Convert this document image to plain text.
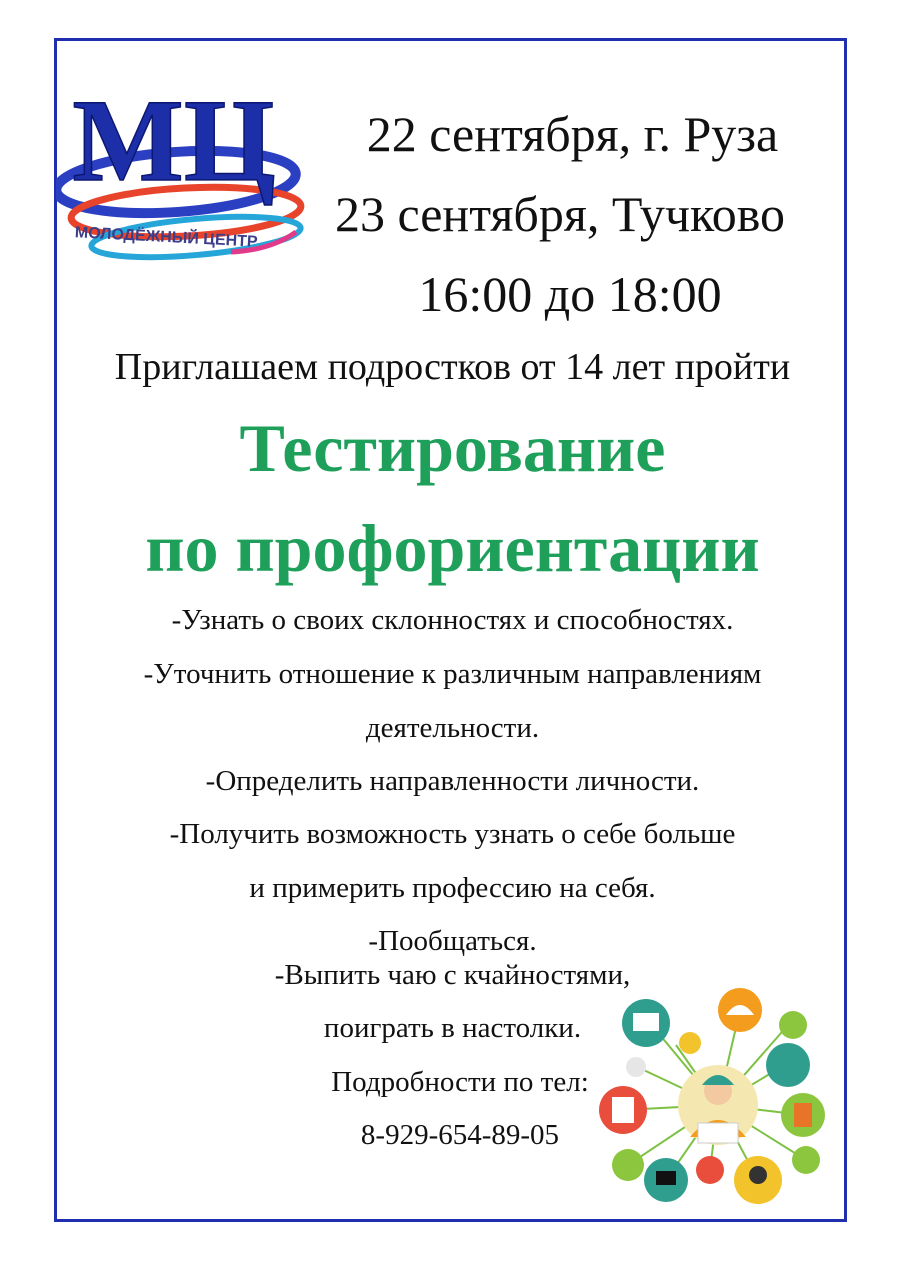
МЦ
МОЛОДЁЖНЫЙ ЦЕНТР
22 сентября, г. Руза
23 сентября, Тучково
16:00 до 18:00
Приглашаем подростков от 14 лет пройти
Тестирование
по профориентации
-Узнать о своих склонностях и способностях.
-Уточнить отношение к различным направлениям
деятельности.
-Определить направленности личности.
-Получить возможность узнать о себе больше
и примерить профессию на себя.
-Пообщаться.
-Выпить чаю с кчайностями,
поиграть в настолки.
Подробности по тел:
8-929-654-89-05
